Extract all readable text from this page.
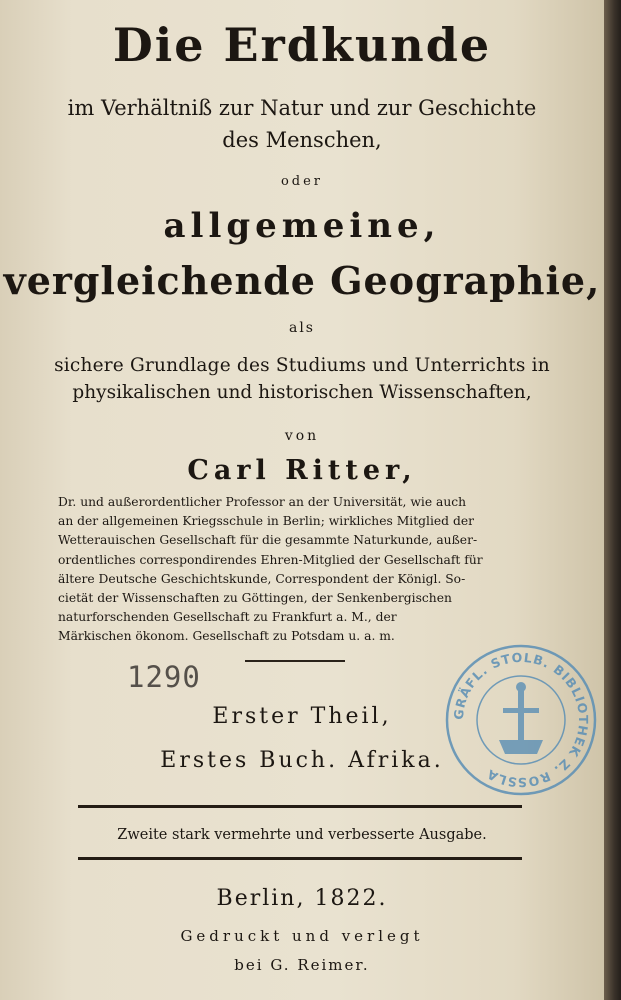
Die Erdkunde
im Verhältniß zur Natur und zur Geschichte
des Menschen,
oder
allgemeine,
vergleichende Geographie,
als
sichere Grundlage des Studiums und Unterrichts in
physikalischen und historischen Wissenschaften,
von
Carl Ritter,
Dr. und außerordentlicher Professor an der Universität, wie auch
an der allgemeinen Kriegsschule in Berlin; wirkliches Mitglied der
Wetterauischen Gesellschaft für die gesammte Naturkunde, außer-
ordentliches correspondirendes Ehren-Mitglied der Gesellschaft für
ältere Deutsche Geschichtskunde, Correspondent der Königl. So-
cietät der Wissenschaften zu Göttingen, der Senkenbergischen
naturforschenden Gesellschaft zu Frankfurt a. M., der
Märkischen ökonom. Gesellschaft zu Potsdam u. a. m.
1290
Erster Theil,
Erstes Buch. Afrika.
Zweite stark vermehrte und verbesserte Ausgabe.
Berlin, 1822.
Gedruckt und verlegt
bei G. Reimer.
GRÄFL. STOLB. BIBLIOTHEK Z. ROSSLA
